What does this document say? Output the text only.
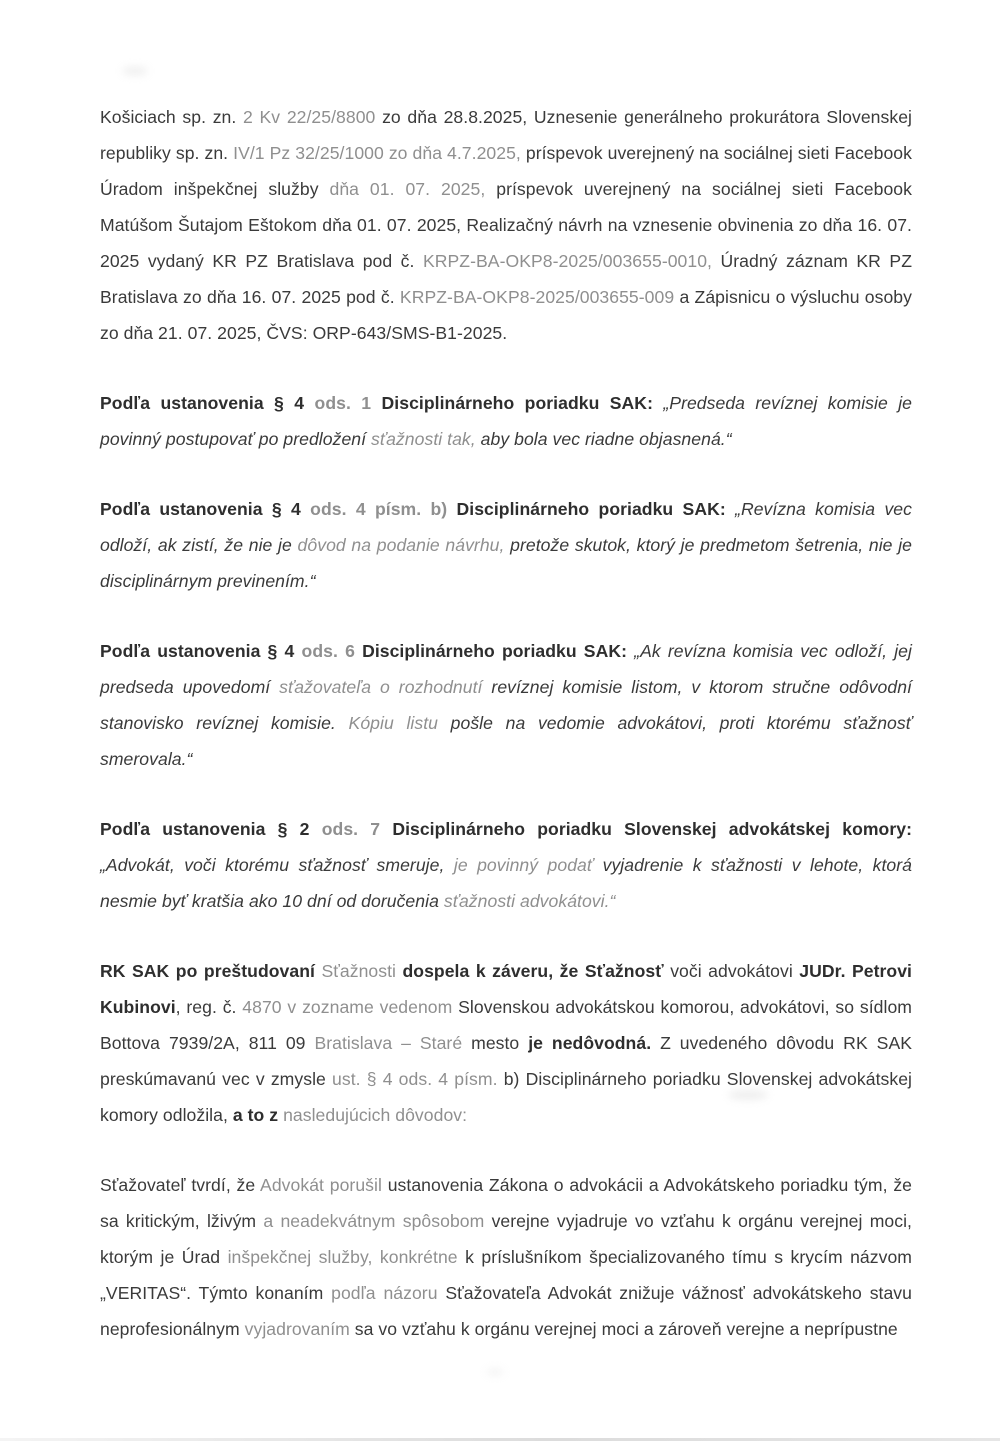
Košiciach sp. zn. 2 Kv 22/25/8800 zo dňa 28.8.2025, Uznesenie generálneho prokurátora Slovenskej republiky sp. zn. IV/1 Pz 32/25/1000 zo dňa 4.7.2025, príspevok uverejnený na sociálnej sieti Facebook Úradom inšpekčnej služby dňa 01. 07. 2025, príspevok uverejnený na sociálnej sieti Facebook Matúšom Šutajom Eštokom dňa 01. 07. 2025, Realizačný návrh na vznesenie obvinenia zo dňa 16. 07. 2025 vydaný KR PZ Bratislava pod č. KRPZ-BA-OKP8-2025/003655-0010, Úradný záznam KR PZ Bratislava zo dňa 16. 07. 2025 pod č. KRPZ-BA-OKP8-2025/003655-009 a Zápisnicu o výsluchu osoby zo dňa 21. 07. 2025, ČVS: ORP-643/SMS-B1-2025.

Podľa ustanovenia § 4 ods. 1 Disciplinárneho poriadku SAK: „Predseda revíznej komisie je povinný postupovať po predložení sťažnosti tak, aby bola vec riadne objasnená.“

Podľa ustanovenia § 4 ods. 4 písm. b) Disciplinárneho poriadku SAK: „Revízna komisia vec odloží, ak zistí, že nie je dôvod na podanie návrhu, pretože skutok, ktorý je predmetom šetrenia, nie je disciplinárnym previnením.“

Podľa ustanovenia § 4 ods. 6 Disciplinárneho poriadku SAK: „Ak revízna komisia vec odloží, jej predseda upovedomí sťažovateľa o rozhodnutí revíznej komisie listom, v ktorom stručne odôvodní stanovisko revíznej komisie. Kópiu listu pošle na vedomie advokátovi, proti ktorému sťažnosť smerovala.“

Podľa ustanovenia § 2 ods. 7 Disciplinárneho poriadku Slovenskej advokátskej komory: „Advokát, voči ktorému sťažnosť smeruje, je povinný podať vyjadrenie k sťažnosti v lehote, ktorá nesmie byť kratšia ako 10 dní od doručenia sťažnosti advokátovi.“

RK SAK po preštudovaní Sťažnosti dospela k záveru, že Sťažnosť voči advokátovi JUDr. Petrovi Kubinovi, reg. č. 4870 v zozname vedenom Slovenskou advokátskou komorou, advokátovi, so sídlom Bottova 7939/2A, 811 09 Bratislava – Staré mesto je nedôvodná. Z uvedeného dôvodu RK SAK preskúmavanú vec v zmysle ust. § 4 ods. 4 písm. b) Disciplinárneho poriadku Slovenskej advokátskej komory odložila, a to z nasledujúcich dôvodov:

Sťažovateľ tvrdí, že Advokát porušil ustanovenia Zákona o advokácii a Advokátskeho poriadku tým, že sa kritickým, lživým a neadekvátnym spôsobom verejne vyjadruje vo vzťahu k orgánu verejnej moci, ktorým je Úrad inšpekčnej služby, konkrétne k príslušníkom špecializovaného tímu s krycím názvom „VERITAS“. Týmto konaním podľa názoru Sťažovateľa Advokát znižuje vážnosť advokátskeho stavu neprofesionálnym vyjadrovaním sa vo vzťahu k orgánu verejnej moci a zároveň verejne a neprípustne
